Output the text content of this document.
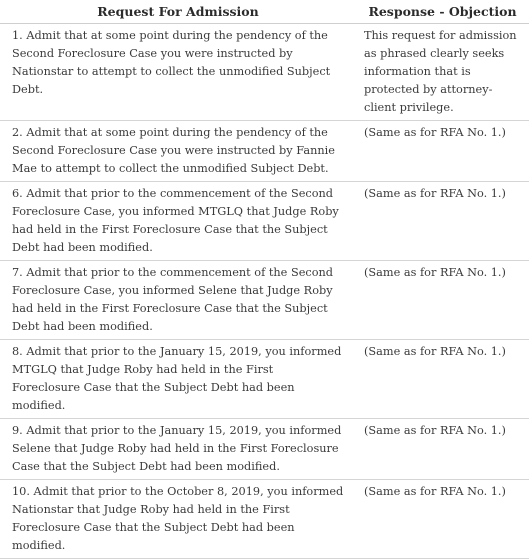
Request For Admission	Response - Objection
1. Admit that at some point during the pendency of the Second Foreclosure Case you were instructed by Nationstar to attempt to collect the unmodified Subject Debt.	This request for admission as phrased clearly seeks information that is protected by attorney-client privilege.
2. Admit that at some point during the pendency of the Second Foreclosure Case you were instructed by Fannie Mae to attempt to collect the unmodified Subject Debt.	(Same as for RFA No. 1.)
6. Admit that prior to the commencement of the Second Foreclosure Case, you informed MTGLQ that Judge Roby had held in the First Foreclosure Case that the Subject Debt had been modified.	(Same as for RFA No. 1.)
7. Admit that prior to the commencement of the Second Foreclosure Case, you informed Selene that Judge Roby had held in the First Foreclosure Case that the Subject Debt had been modified.	(Same as for RFA No. 1.)
8. Admit that prior to the January 15, 2019, you informed MTGLQ that Judge Roby had held in the First Foreclosure Case that the Subject Debt had been modified.	(Same as for RFA No. 1.)
9. Admit that prior to the January 15, 2019, you informed Selene that Judge Roby had held in the First Foreclosure Case that the Subject Debt had been modified.	(Same as for RFA No. 1.)
10. Admit that prior to the October 8, 2019, you informed Nationstar that Judge Roby had held in the First Foreclosure Case that the Subject Debt had been modified.	(Same as for RFA No. 1.)
